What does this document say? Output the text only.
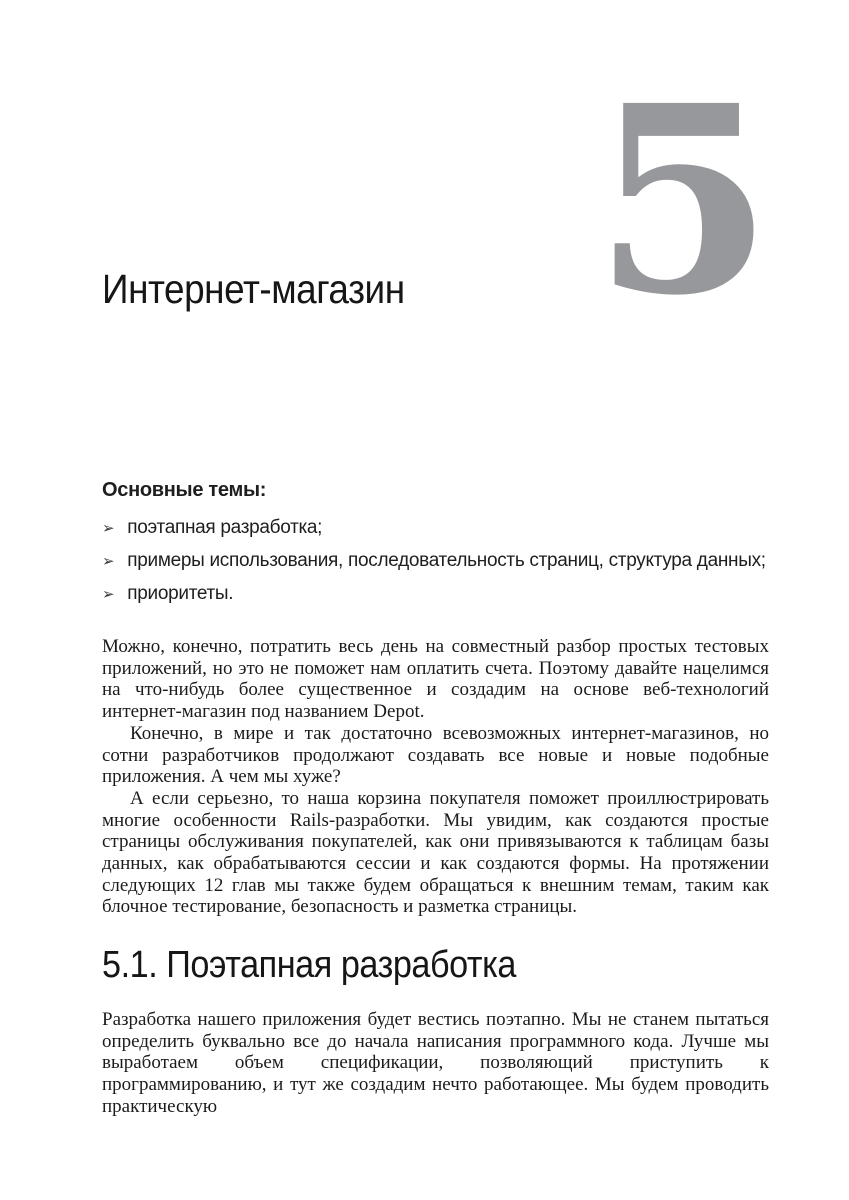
5
Интернет-магазин

Основные темы:

➢ поэтапная разработка;
➢ примеры использования, последовательность страниц, структура данных;
➢ приоритеты.

Можно, конечно, потратить весь день на совместный разбор простых тестовых приложений, но это не поможет нам оплатить счета. Поэтому давайте нацелимся на что-нибудь более существенное и создадим на основе веб-технологий интернет-магазин под названием Depot.

Конечно, в мире и так достаточно всевозможных интернет-магазинов, но сотни разработчиков продолжают создавать все новые и новые подобные приложения. А чем мы хуже?

А если серьезно, то наша корзина покупателя поможет проиллюстрировать многие особенности Rails-разработки. Мы увидим, как создаются простые страницы обслуживания покупателей, как они привязываются к таблицам базы данных, как обрабатываются сессии и как создаются формы. На протяжении следующих 12 глав мы также будем обращаться к внешним темам, таким как блочное тестирование, безопасность и разметка страницы.

5.1. Поэтапная разработка

Разработка нашего приложения будет вестись поэтапно. Мы не станем пытаться определить буквально все до начала написания программного кода. Лучше мы выработаем объем спецификации, позволяющий приступить к программированию, и тут же создадим нечто работающее. Мы будем проводить практическую
